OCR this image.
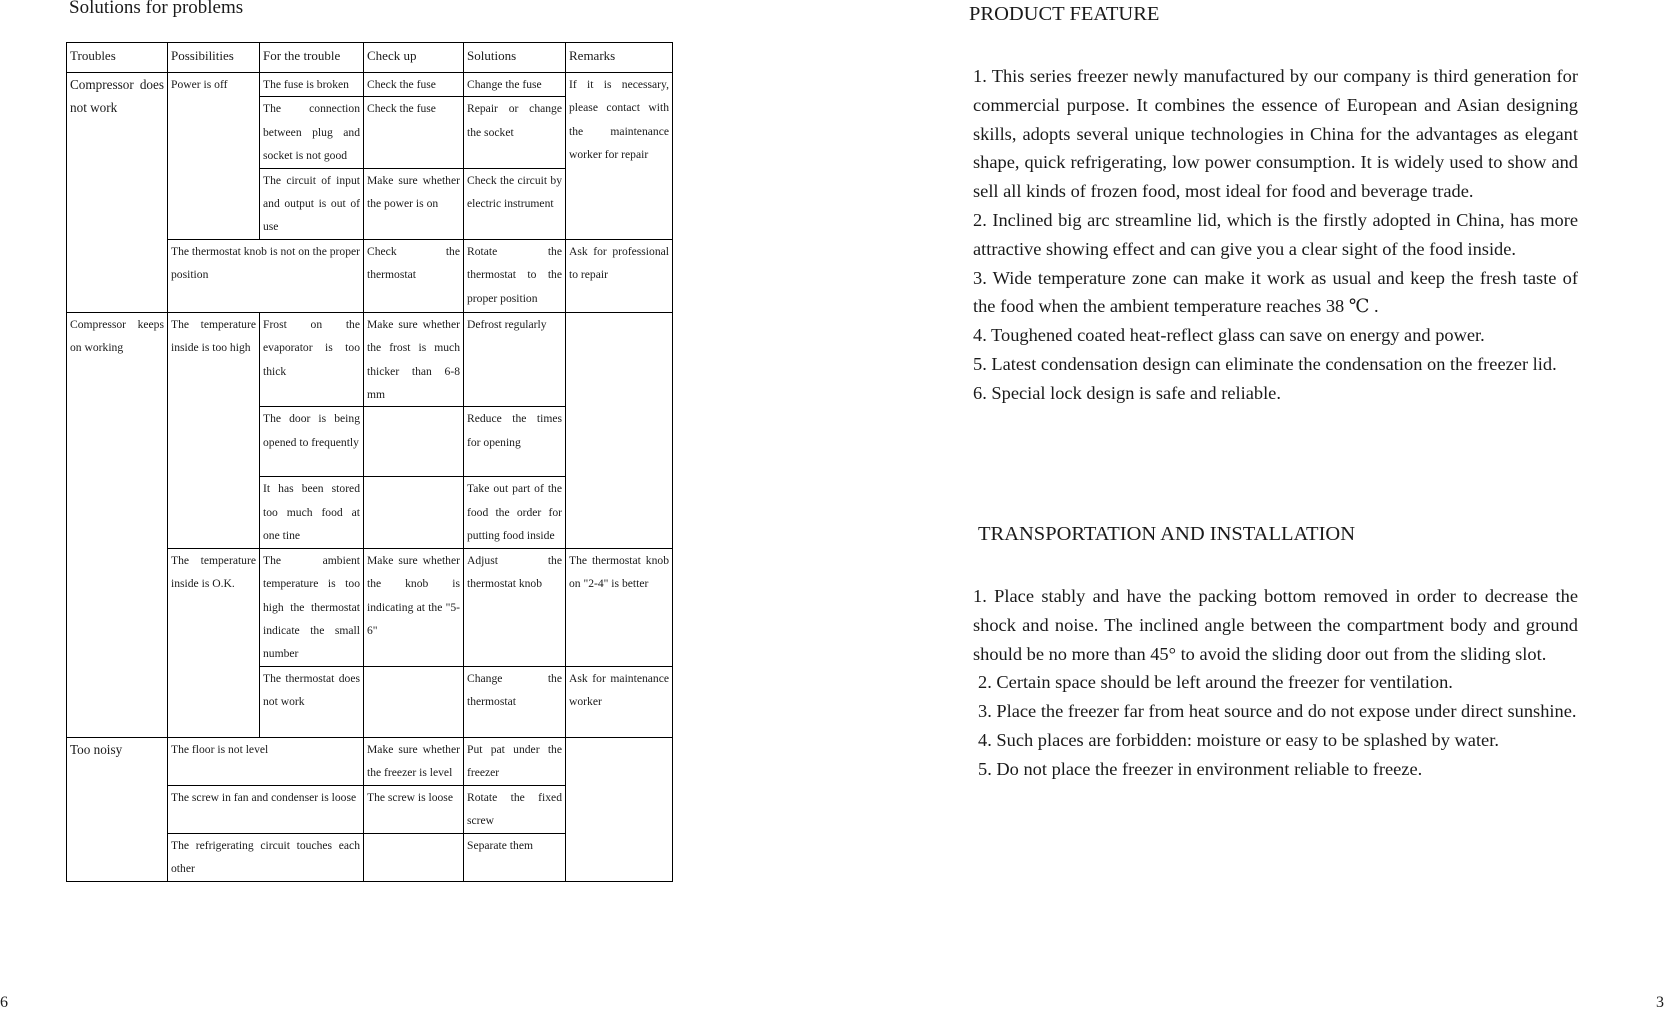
Solutions for problems
Troubles	Possibilities	For the trouble	Check up	Solutions	Remarks
Compressor does not work	Power is off	The fuse is broken	Check the fuse	Change the fuse	If it is necessary, please contact with the maintenance worker for repair
		The connection between plug and socket is not good	Check the fuse	Repair or change the socket	
		The circuit of input and output is out of use	Make sure whether the power is on	Check the circuit by electric instrument	

	The thermostat knob is not on the proper position		Check the thermostat	Rotate the thermostat to the proper position	Ask for professional to repair
Compressor keeps on working	The temperature inside is too high	Frost on the evaporator is too thick	Make sure whether the frost is much thicker than 6-8 mm	Defrost regularly	
		The door is being opened to frequently		Reduce the times for opening	
		It has been stored too much food at one tine		Take out part of the food the order for putting food inside	
	The temperature inside is O.K.	The ambient temperature is too high the thermostat indicate the small number	Make sure whether the knob is indicating at the "5-6"	Adjust the thermostat knob	The thermostat knob on "2-4" is better
		The thermostat does not work		Change the thermostat	Ask for maintenance worker
Too noisy	The floor is not level		Make sure whether the freezer is level	Put pat under the freezer	
	The screw in fan and condenser is loose		The screw is loose	Rotate the fixed screw	
	The refrigerating circuit touches each other			Separate them	
6
PRODUCT FEATURE

1. This series freezer newly manufactured by our company is third generation for commercial purpose. It combines the essence of European and Asian designing skills, adopts several unique technologies in China for the advantages as elegant shape, quick refrigerating, low power consumption. It is widely used to show and sell all kinds of frozen food, most ideal for food and beverage trade.

2. Inclined big arc streamline lid, which is the firstly adopted in China, has more attractive showing effect and can give you a clear sight of the food inside.

3. Wide temperature zone can make it work as usual and keep the fresh taste of the food when the ambient temperature reaches 38 ℃ .

4. Toughened coated heat-reflect glass can save on energy and power.

5. Latest condensation design can eliminate the condensation on the freezer lid.

6. Special lock design is safe and reliable.

TRANSPORTATION AND INSTALLATION

1. Place stably and have the packing bottom removed in order to decrease the shock and noise. The inclined angle between the compartment body and ground should be no more than 45° to avoid the sliding door out from the sliding slot.

2. Certain space should be left around the freezer for ventilation.

3. Place the freezer far from heat source and do not expose under direct sunshine.

4. Such places are forbidden: moisture or easy to be splashed by water.

5. Do not place the freezer in environment reliable to freeze.

3
